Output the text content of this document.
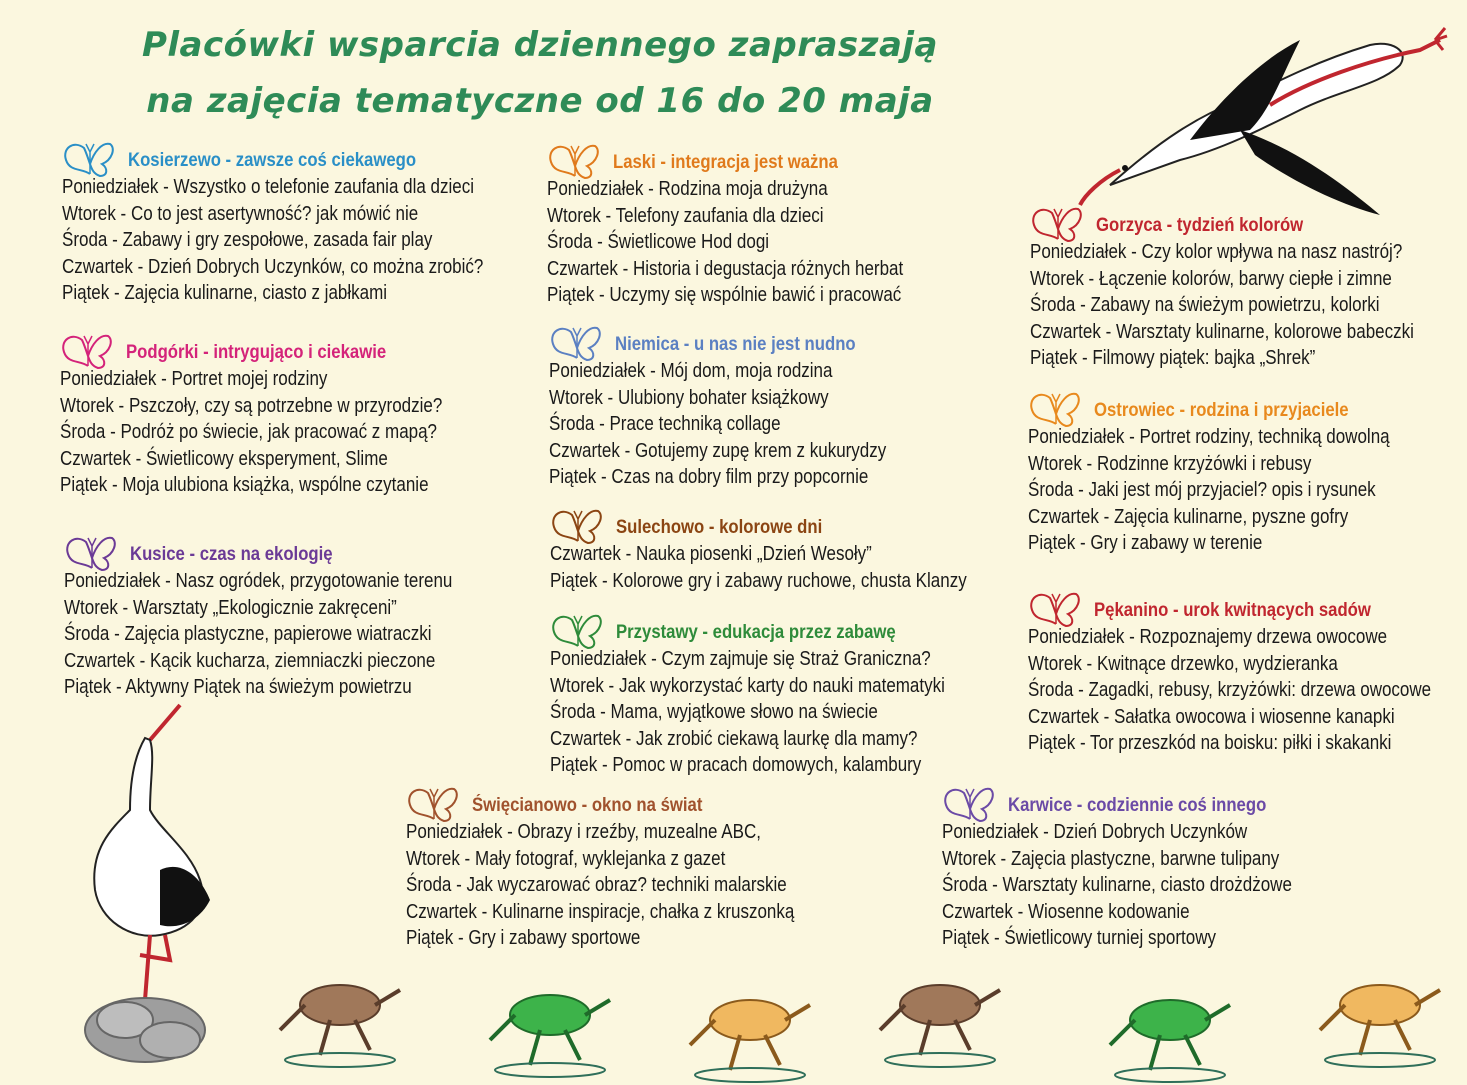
Placówki wsparcia dziennego zapraszają
na zajęcia tematyczne od 16 do 20 maja
Kosierzewo - zawsze coś ciekawego
Poniedziałek - Wszystko o telefonie zaufania dla dzieci
Wtorek - Co to jest asertywność? jak mówić nie
Środa - Zabawy i gry zespołowe, zasada fair play
Czwartek - Dzień Dobrych Uczynków, co można zrobić?
Piątek - Zajęcia kulinarne, ciasto z jabłkami
Podgórki - intrygująco i ciekawie
Poniedziałek - Portret mojej rodziny
Wtorek - Pszczoły, czy są potrzebne w przyrodzie?
Środa - Podróż po świecie, jak pracować z mapą?
Czwartek - Świetlicowy eksperyment, Slime
Piątek - Moja ulubiona książka, wspólne czytanie
Kusice - czas na ekologię
Poniedziałek - Nasz ogródek, przygotowanie terenu
Wtorek - Warsztaty „Ekologicznie zakręceni”
Środa - Zajęcia plastyczne, papierowe wiatraczki
Czwartek - Kącik kucharza, ziemniaczki pieczone
Piątek - Aktywny Piątek na świeżym powietrzu
Laski - integracja jest ważna
Poniedziałek - Rodzina moja drużyna
Wtorek - Telefony zaufania dla dzieci
Środa - Świetlicowe Hod dogi
Czwartek - Historia i degustacja różnych herbat
Piątek - Uczymy się wspólnie bawić i pracować
Niemica - u nas nie jest nudno
Poniedziałek - Mój dom, moja rodzina
Wtorek - Ulubiony bohater książkowy
Środa - Prace techniką collage
Czwartek - Gotujemy zupę krem z kukurydzy
Piątek - Czas na dobry film przy popcornie
Sulechowo - kolorowe dni
Czwartek - Nauka piosenki „Dzień Wesoły”
Piątek - Kolorowe gry i zabawy ruchowe, chusta Klanzy
Przystawy - edukacja przez zabawę
Poniedziałek - Czym zajmuje się Straż Graniczna?
Wtorek - Jak wykorzystać karty do nauki matematyki
Środa - Mama, wyjątkowe słowo na świecie
Czwartek - Jak zrobić ciekawą laurkę dla mamy?
Piątek - Pomoc w pracach domowych, kalambury
Gorzyca - tydzień kolorów
Poniedziałek - Czy kolor wpływa na nasz nastrój?
Wtorek - Łączenie kolorów, barwy ciepłe i zimne
Środa - Zabawy na świeżym powietrzu, kolorki
Czwartek - Warsztaty kulinarne, kolorowe babeczki
Piątek - Filmowy piątek: bajka „Shrek”
Ostrowiec - rodzina i przyjaciele
Poniedziałek - Portret rodziny, techniką dowolną
Wtorek - Rodzinne krzyżówki i rebusy
Środa - Jaki jest mój przyjaciel? opis i rysunek
Czwartek - Zajęcia kulinarne, pyszne gofry
Piątek - Gry i zabawy w terenie
Pękanino - urok kwitnących sadów
Poniedziałek - Rozpoznajemy drzewa owocowe
Wtorek - Kwitnące drzewko, wydzieranka
Środa - Zagadki, rebusy, krzyżówki: drzewa owocowe
Czwartek - Sałatka owocowa i wiosenne kanapki
Piątek - Tor przeszkód na boisku: piłki i skakanki
Święcianowo - okno na świat
Poniedziałek - Obrazy i rzeźby, muzealne ABC,
Wtorek - Mały fotograf, wyklejanka z gazet
Środa - Jak wyczarować obraz? techniki malarskie
Czwartek - Kulinarne inspiracje, chałka z kruszonką
Piątek - Gry i zabawy sportowe
Karwice - codziennie coś innego
Poniedziałek - Dzień Dobrych Uczynków
Wtorek - Zajęcia plastyczne, barwne tulipany
Środa - Warsztaty kulinarne, ciasto drożdżowe
Czwartek - Wiosenne kodowanie
Piątek - Świetlicowy turniej sportowy
